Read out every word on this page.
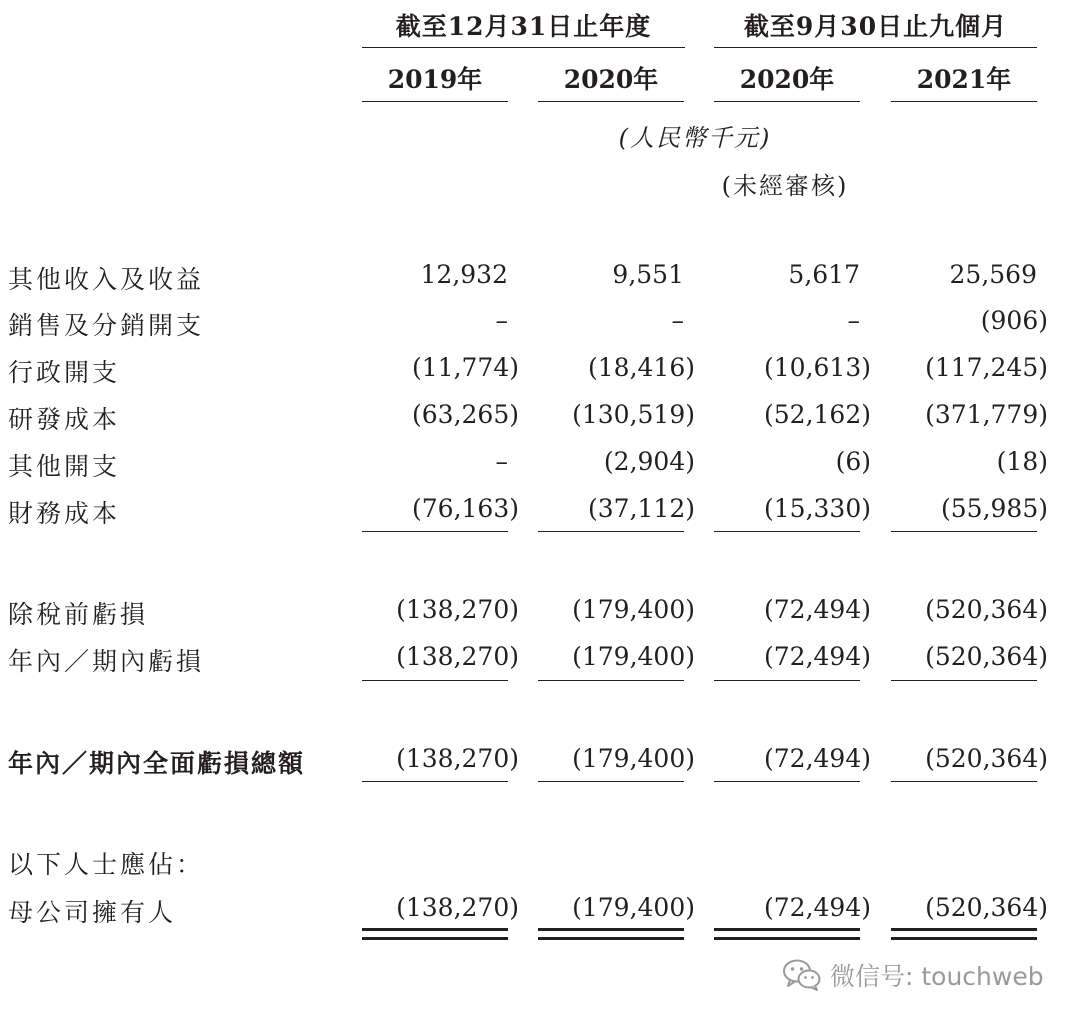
截至12月31日止年度	截至9月30日止九個月
2019年	2020年	2020年	2021年
(人民幣千元)
(未經審核)
其他收入及收益	12,932	9,551	5,617	25,569
銷售及分銷開支	–	–	–	(906)
行政開支	(11,774)	(18,416)	(10,613) (117,245)
研發成本	(63,265) (130,519)	(52,162) (371,779)
其他開支	–	(2,904)	(6)	(18)
財務成本	(76,163)	(37,112)	(15,330)	(55,985)
除稅前虧損	(138,270) (179,400)	(72,494) (520,364)
年內／期內虧損	(138,270) (179,400)	(72,494) (520,364)
年內／期內全面虧損總額	(138,270) (179,400)	(72,494) (520,364)
以下人士應佔：
母公司擁有人	(138,270) (179,400)	(72,494) (520,364)
微信号: touchweb
